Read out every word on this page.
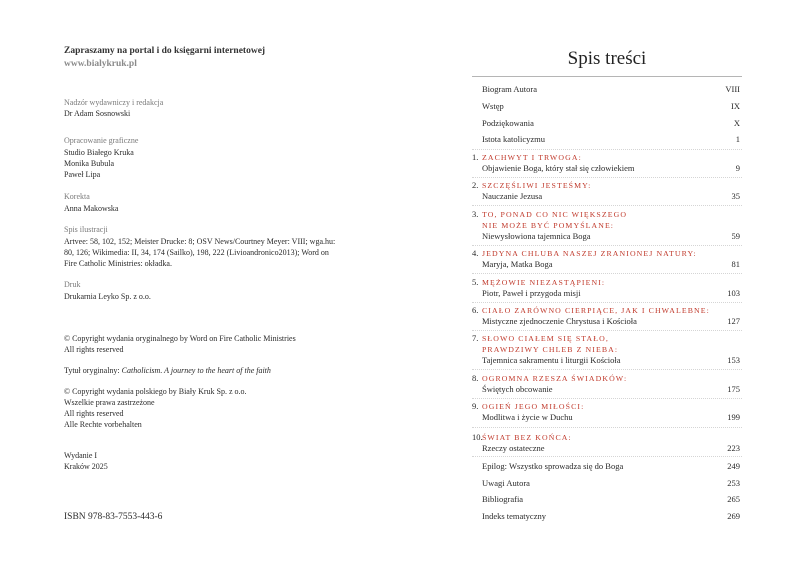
Zapraszamy na portal i do księgarni internetowej
www.bialykruk.pl
Nadzór wydawniczy i redakcja
Dr Adam Sosnowski
Opracowanie graficzne
Studio Białego Kruka
Monika Bubula
Paweł Lipa
Korekta
Anna Makowska
Spis ilustracji
Artvee: 58, 102, 152; Meister Drucke: 8; OSV News/Courtney Meyer: VIII; wga.hu:
80, 126; Wikimedia: II, 34, 174 (Sailko), 198, 222 (Livioandronico2013); Word on
Fire Catholic Ministries: okładka.
Druk
Drukarnia Leyko Sp. z o.o.
© Copyright wydania oryginalnego by Word on Fire Catholic Ministries
All rights reserved
Tytuł oryginalny: Catholicism. A journey to the heart of the faith
© Copyright wydania polskiego by Biały Kruk Sp. z o.o.
Wszelkie prawa zastrzeżone
All rights reserved
Alle Rechte vorbehalten
Wydanie I
Kraków 2025
ISBN 978-83-7553-443-6
Spis treści
Biogram Autora	VIII
Wstęp	IX
Podziękowania	X
Istota katolicyzmu	1
1. ZACHWYT I TRWOGA:
Objawienie Boga, który stał się człowiekiem	9
2. SZCZĘŚLIWI JESTEŚMY:
Nauczanie Jezusa	35
3. TO, PONAD CO NIC WIĘKSZEGO
NIE MOŻE BYĆ POMYŚLANE:
Niewysłowiona tajemnica Boga	59
4. JEDYNA CHLUBA NASZEJ ZRANIONEJ NATURY:
Maryja, Matka Boga	81
5. MĘŻOWIE NIEZASTĄPIENI:
Piotr, Paweł i przygoda misji	103
6. CIAŁO ZARÓWNO CIERPIĄCE, JAK I CHWALEBNE:
Mistyczne zjednoczenie Chrystusa i Kościoła	127
7. SŁOWO CIAŁEM SIĘ STAŁO,
PRAWDZIWY CHLEB Z NIEBA:
Tajemnica sakramentu i liturgii Kościoła	153
8. OGROMNA RZESZA ŚWIADKÓW:
Świętych obcowanie	175
9. OGIEŃ JEGO MIŁOŚCI:
Modlitwa i życie w Duchu	199
10. ŚWIAT BEZ KOŃCA:
Rzeczy ostateczne	223
Epilog: Wszystko sprowadza się do Boga	249
Uwagi Autora	253
Bibliografia	265
Indeks tematyczny	269
